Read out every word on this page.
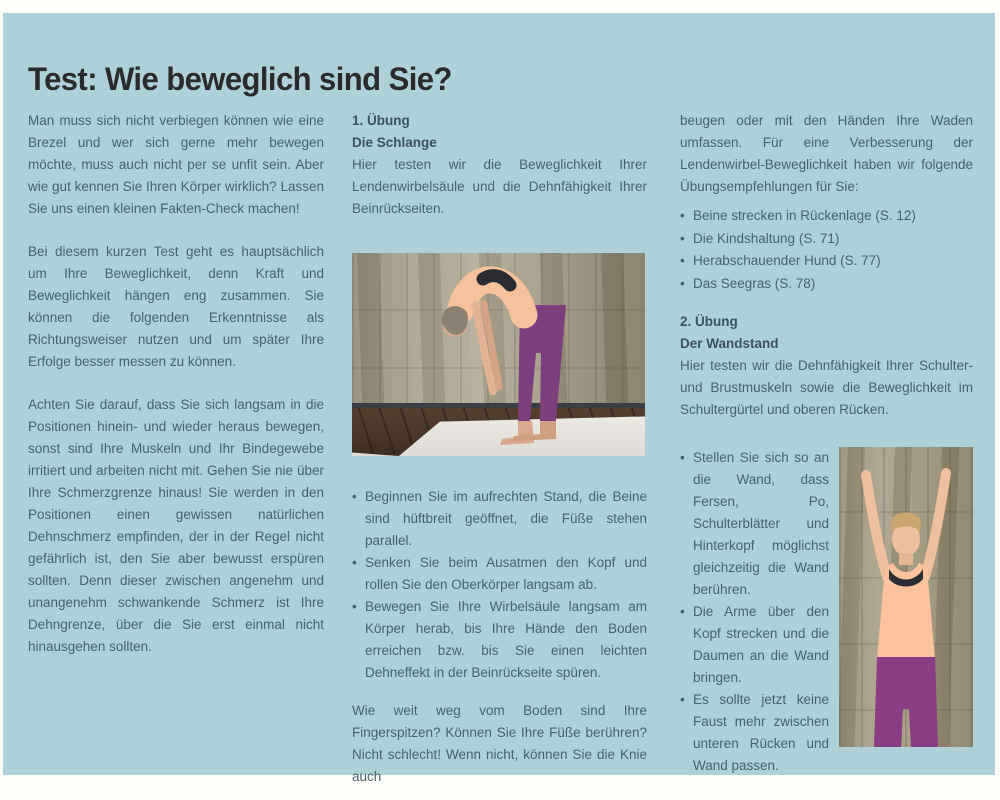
Test: Wie beweglich sind Sie?

Man muss sich nicht verbiegen können wie eine Brezel und wer sich gerne mehr bewegen möchte, muss auch nicht per se unfit sein. Aber wie gut kennen Sie Ihren Körper wirklich? Lassen Sie uns einen kleinen Fakten-Check machen!

Bei diesem kurzen Test geht es hauptsächlich um Ihre Beweglichkeit, denn Kraft und Beweglichkeit hängen eng zusammen. Sie können die folgenden Erkenntnisse als Richtungsweiser nutzen und um später Ihre Erfolge besser messen zu können.

Achten Sie darauf, dass Sie sich langsam in die Positionen hinein- und wieder heraus bewegen, sonst sind Ihre Muskeln und Ihr Bindegewebe irritiert und arbeiten nicht mit. Gehen Sie nie über Ihre Schmerzgrenze hinaus! Sie werden in den Positionen einen gewissen natürlichen Dehnschmerz empfinden, der in der Regel nicht gefährlich ist, den Sie aber bewusst erspüren sollten. Denn dieser zwischen angenehm und unangenehm schwankende Schmerz ist Ihre Dehngrenze, über die Sie erst einmal nicht hinausgehen sollten.

1. Übung

Die Schlange

Hier testen wir die Beweglichkeit Ihrer Lendenwirbelsäule und die Dehnfähigkeit Ihrer Beinrückseiten.

• Beginnen Sie im aufrechten Stand, die Beine sind hüftbreit geöffnet, die Füße stehen parallel.
• Senken Sie beim Ausatmen den Kopf und rollen Sie den Oberkörper langsam ab.
• Bewegen Sie Ihre Wirbelsäule langsam am Körper herab, bis Ihre Hände den Boden erreichen bzw. bis Sie einen leichten Dehneffekt in der Beinrückseite spüren.

Wie weit weg vom Boden sind Ihre Fingerspitzen? Können Sie Ihre Füße berühren? Nicht schlecht! Wenn nicht, können Sie die Knie auch

beugen oder mit den Händen Ihre Waden umfassen. Für eine Verbesserung der Lendenwirbel-Beweglichkeit haben wir folgende Übungsempfehlungen für Sie:

• Beine strecken in Rückenlage (S. 12)
• Die Kindshaltung (S. 71)
• Herabschauender Hund (S. 77)
• Das Seegras (S. 78)

2. Übung

Der Wandstand

Hier testen wir die Dehnfähigkeit Ihrer Schulter- und Brustmuskeln sowie die Beweglichkeit im Schultergürtel und oberen Rücken.

• Stellen Sie sich so an die Wand, dass Fersen, Po, Schulterblätter und Hinterkopf möglichst gleichzeitig die Wand berühren.
• Die Arme über den Kopf strecken und die Daumen an die Wand bringen.
• Es sollte jetzt keine Faust mehr zwischen unteren Rücken und Wand passen.
